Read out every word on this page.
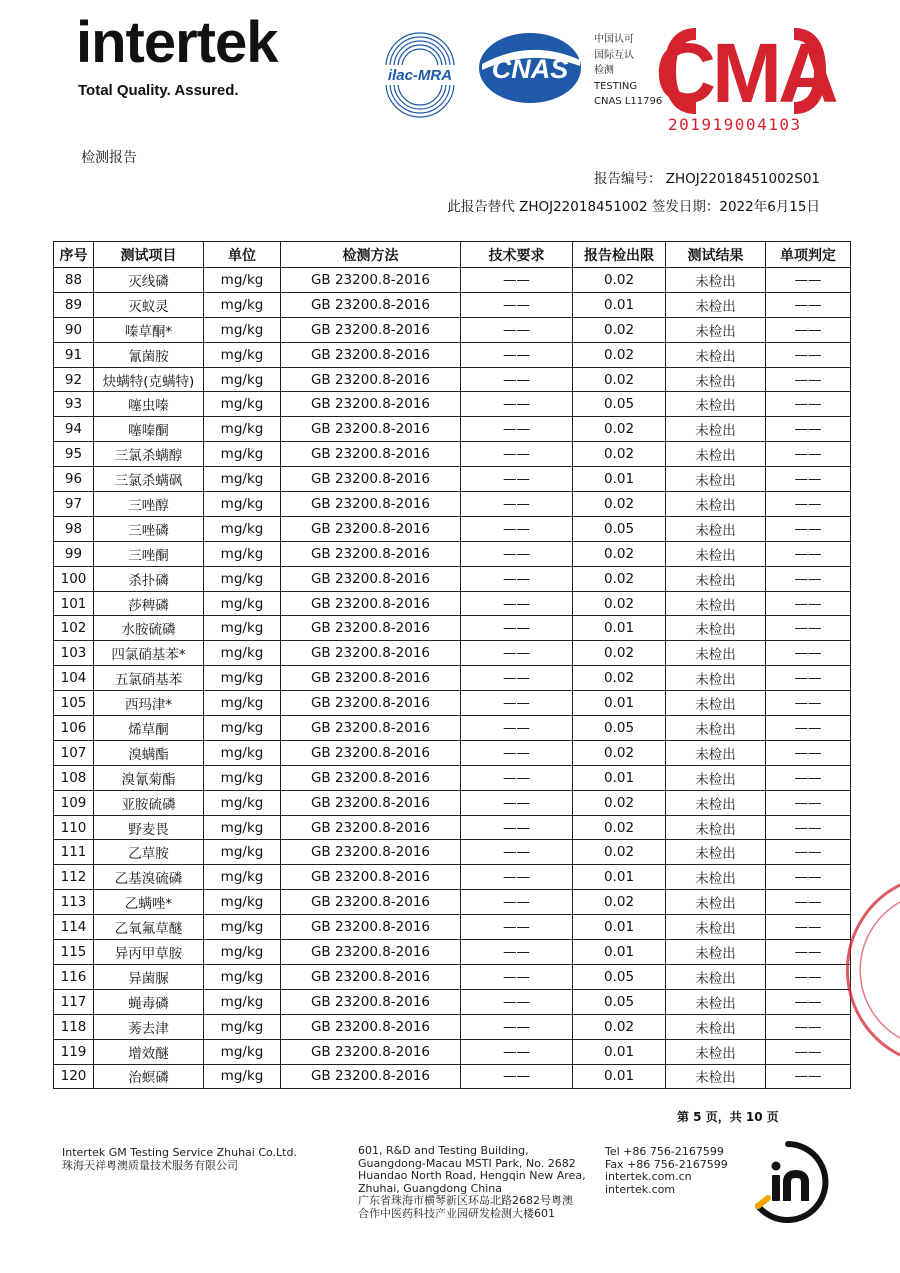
intertek
Total Quality. Assured.
ilac-MRA CNAS
中国认可
国际互认
检测
TESTING
CNAS L11796
CMA
201919004103
检测报告
报告编号： ZHOJ22018451002S01
此报告替代 ZHOJ22018451002 签发日期：2022年6月15日
序号	测试项目	单位	检测方法	技术要求	报告检出限	测试结果	单项判定
88	灭线磷	mg/kg	GB 23200.8-2016	——	0.02	未检出	——
89	灭蚁灵	mg/kg	GB 23200.8-2016	——	0.01	未检出	——
90	嗪草酮*	mg/kg	GB 23200.8-2016	——	0.02	未检出	——
91	氰菌胺	mg/kg	GB 23200.8-2016	——	0.02	未检出	——
92	炔螨特(克螨特)	mg/kg	GB 23200.8-2016	——	0.02	未检出	——
93	噻虫嗪	mg/kg	GB 23200.8-2016	——	0.05	未检出	——
94	噻嗪酮	mg/kg	GB 23200.8-2016	——	0.02	未检出	——
95	三氯杀螨醇	mg/kg	GB 23200.8-2016	——	0.02	未检出	——
96	三氯杀螨砜	mg/kg	GB 23200.8-2016	——	0.01	未检出	——
97	三唑醇	mg/kg	GB 23200.8-2016	——	0.02	未检出	——
98	三唑磷	mg/kg	GB 23200.8-2016	——	0.05	未检出	——
99	三唑酮	mg/kg	GB 23200.8-2016	——	0.02	未检出	——
100	杀扑磷	mg/kg	GB 23200.8-2016	——	0.02	未检出	——
101	莎稗磷	mg/kg	GB 23200.8-2016	——	0.02	未检出	——
102	水胺硫磷	mg/kg	GB 23200.8-2016	——	0.01	未检出	——
103	四氯硝基苯*	mg/kg	GB 23200.8-2016	——	0.02	未检出	——
104	五氯硝基苯	mg/kg	GB 23200.8-2016	——	0.02	未检出	——
105	西玛津*	mg/kg	GB 23200.8-2016	——	0.01	未检出	——
106	烯草酮	mg/kg	GB 23200.8-2016	——	0.05	未检出	——
107	溴螨酯	mg/kg	GB 23200.8-2016	——	0.02	未检出	——
108	溴氰菊酯	mg/kg	GB 23200.8-2016	——	0.01	未检出	——
109	亚胺硫磷	mg/kg	GB 23200.8-2016	——	0.02	未检出	——
110	野麦畏	mg/kg	GB 23200.8-2016	——	0.02	未检出	——
111	乙草胺	mg/kg	GB 23200.8-2016	——	0.02	未检出	——
112	乙基溴硫磷	mg/kg	GB 23200.8-2016	——	0.01	未检出	——
113	乙螨唑*	mg/kg	GB 23200.8-2016	——	0.02	未检出	——
114	乙氧氟草醚	mg/kg	GB 23200.8-2016	——	0.01	未检出	——
115	异丙甲草胺	mg/kg	GB 23200.8-2016	——	0.01	未检出	——
116	异菌脲	mg/kg	GB 23200.8-2016	——	0.05	未检出	——
117	蝇毒磷	mg/kg	GB 23200.8-2016	——	0.05	未检出	——
118	莠去津	mg/kg	GB 23200.8-2016	——	0.02	未检出	——
119	增效醚	mg/kg	GB 23200.8-2016	——	0.01	未检出	——
120	治螟磷	mg/kg	GB 23200.8-2016	——	0.01	未检出	——
第 5 页，共 10 页
Intertek GM Testing Service Zhuhai Co.Ltd.
珠海天祥粤澳质量技术服务有限公司
601, R&D and Testing Building,
Guangdong-Macau MSTI Park, No. 2682
Huandao North Road, Hengqin New Area,
Zhuhai, Guangdong China
广东省珠海市横琴新区环岛北路2682号粤澳
合作中医药科技产业园研发检测大楼601
Tel +86 756-2167599
Fax +86 756-2167599
intertek.com.cn
intertek.com
